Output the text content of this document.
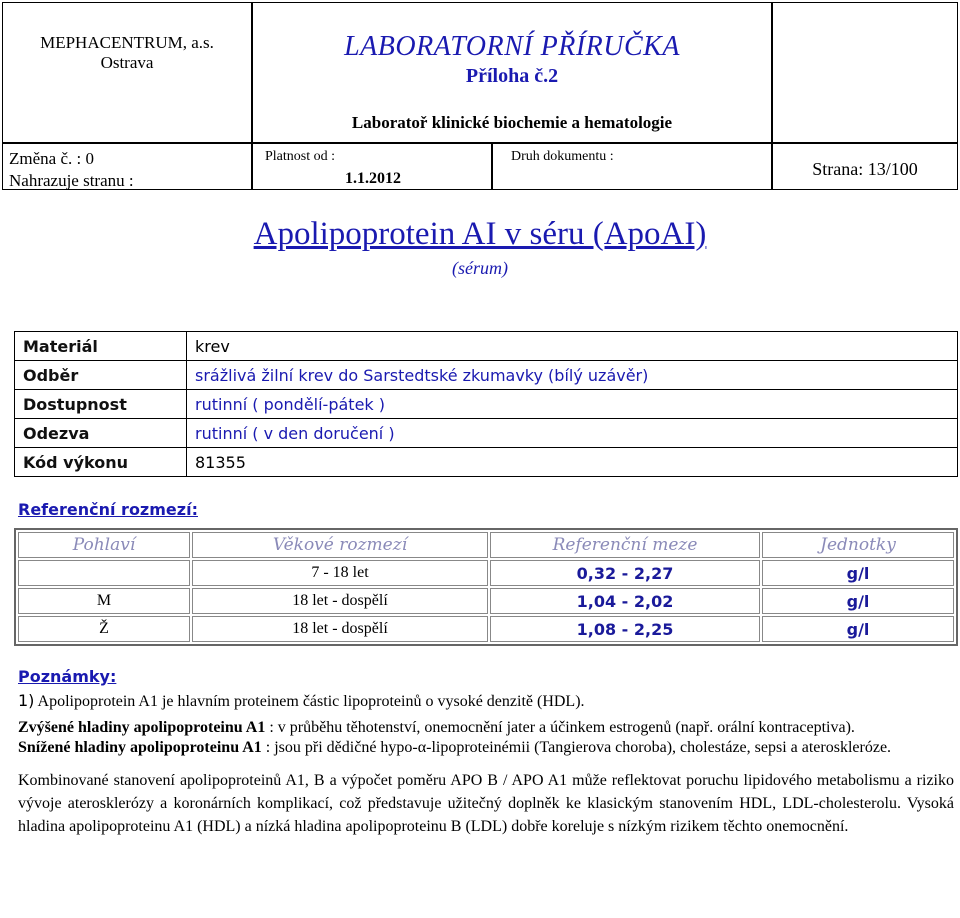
MEPHACENTRUM, a.s.
Ostrava
LABORATORNÍ PŘÍRUČKA
Příloha č.2
Laboratoř klinické biochemie a hematologie
Změna č. : 0
Nahrazuje stranu :
Platnost od :
1.1.2012
Druh dokumentu :
Strana: 13/100
Apolipoprotein AI v séru (ApoAI)
(sérum)
Materiál	krev
Odběr	srážlivá žilní krev do Sarstedtské zkumavky (bílý uzávěr)
Dostupnost	rutinní ( pondělí-pátek )
Odezva	rutinní ( v den doručení )
Kód výkonu	81355
Referenční rozmezí:
Pohlaví	Věkové rozmezí	Referenční meze	Jednotky
	7 - 18 let	0,32 - 2,27	g/l
M	18 let - dospělí	1,04 - 2,02	g/l
Ž	18 let - dospělí	1,08 - 2,25	g/l
Poznámky:

1) Apolipoprotein A1 je hlavním proteinem částic lipoproteinů o vysoké denzitě (HDL).

Zvýšené hladiny apolipoproteinu A1 : v průběhu těhotenství, onemocnění jater a účinkem estrogenů (např. orální kontraceptiva).

Snížené hladiny apolipoproteinu A1 : jsou při dědičné hypo-α-lipoproteinémii (Tangierova choroba), cholestáze, sepsi a ateroskleróze.

Kombinované stanovení apolipoproteinů A1, B a výpočet poměru APO B / APO A1 může reflektovat poruchu lipidového metabolismu a riziko vývoje aterosklerózy a koronárních komplikací, což představuje užitečný doplněk ke klasickým stanovením HDL, LDL-cholesterolu. Vysoká hladina apolipoproteinu A1 (HDL) a nízká hladina apolipoproteinu B (LDL) dobře koreluje s nízkým rizikem těchto onemocnění.
